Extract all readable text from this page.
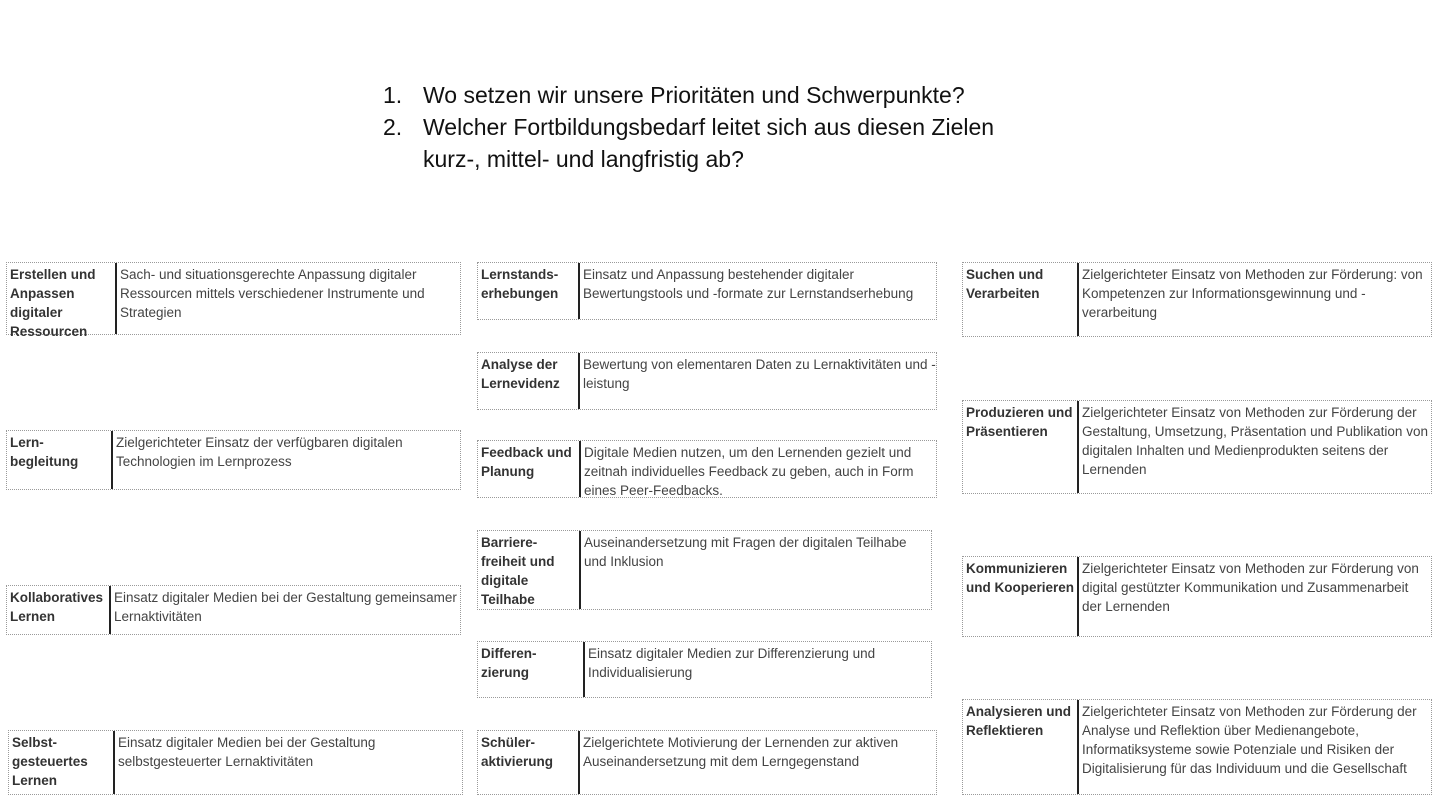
1. Wo setzen wir unsere Prioritäten und Schwerpunkte?
2. Welcher Fortbildungsbedarf leitet sich aus diesen Zielen kurz-, mittel- und langfristig ab?
Erstellen und Anpassen digitaler Ressourcen
Sach- und situationsgerechte Anpassung digitaler Ressourcen mittels verschiedener Instrumente und Strategien
Lern-begleitung
Zielgerichteter Einsatz der verfügbaren digitalen Technologien im Lernprozess
Kollaboratives Lernen
Einsatz digitaler Medien bei der Gestaltung gemeinsamer Lernaktivitäten
Selbst-gesteuertes Lernen
Einsatz digitaler Medien bei der Gestaltung selbstgesteuerter Lernaktivitäten
Lernstands-erhebungen
Einsatz und Anpassung bestehender digitaler Bewertungstools und -formate zur Lernstandserhebung
Analyse der Lernevidenz
Bewertung von elementaren Daten zu Lernaktivitäten und -leistung
Feedback und Planung
Digitale Medien nutzen, um den Lernenden gezielt und zeitnah individuelles Feedback zu geben, auch in Form eines Peer-Feedbacks.
Barriere-freiheit und digitale Teilhabe
Auseinandersetzung mit Fragen der digitalen Teilhabe und Inklusion
Differen-zierung
Einsatz digitaler Medien zur Differenzierung und Individualisierung
Schüler-aktivierung
Zielgerichtete Motivierung der Lernenden zur aktiven Auseinandersetzung mit dem Lerngegenstand
Suchen und Verarbeiten
Zielgerichteter Einsatz von Methoden zur Förderung: von Kompetenzen zur Informationsgewinnung und -verarbeitung
Produzieren und Präsentieren
Zielgerichteter Einsatz von Methoden zur Förderung der Gestaltung, Umsetzung, Präsentation und Publikation von digitalen Inhalten und Medienprodukten seitens der Lernenden
Kommunizieren und Kooperieren
Zielgerichteter Einsatz von Methoden zur Förderung von digital gestützter Kommunikation und Zusammenarbeit der Lernenden
Analysieren und Reflektieren
Zielgerichteter Einsatz von Methoden zur Förderung der Analyse und Reflektion über Medienangebote, Informatiksysteme sowie Potenziale und Risiken der Digitalisierung für das Individuum und die Gesellschaft
